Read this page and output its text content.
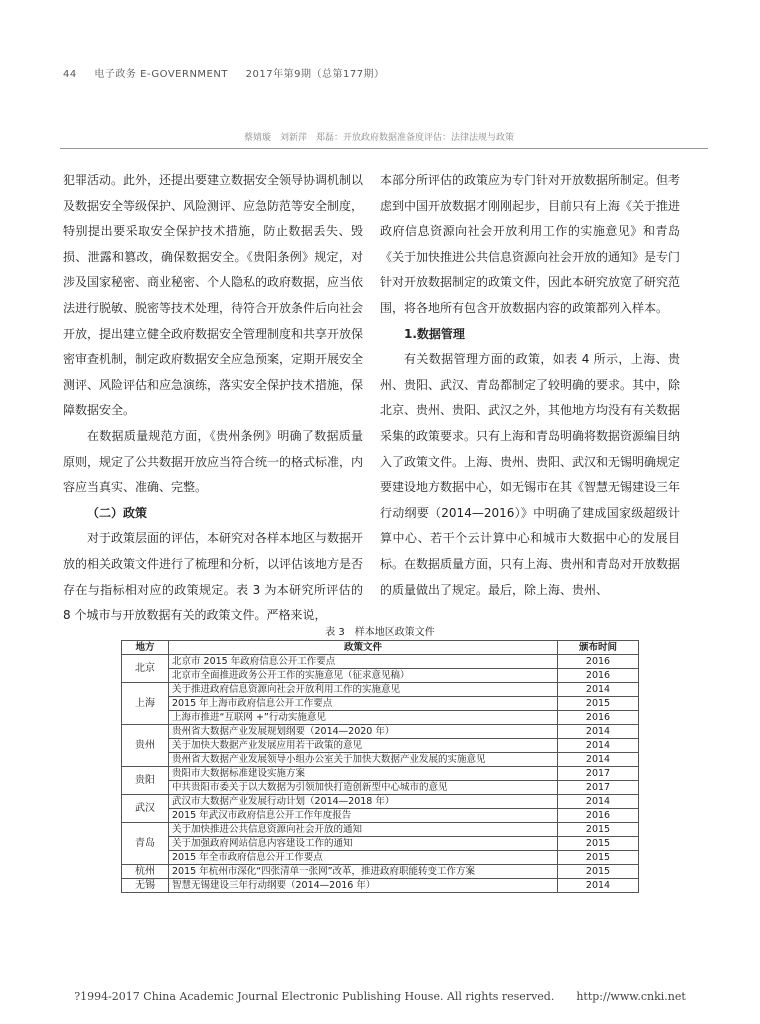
44 电子政务 E-GOVERNMENT 2017年第9期（总第177期）
蔡婧璇　刘新萍　郑磊：开放政府数据准备度评估：法律法规与政策

犯罪活动。此外，还提出要建立数据安全领导协调机制以及数据安全等级保护、风险测评、应急防范等安全制度，特别提出要采取安全保护技术措施，防止数据丢失、毁损、泄露和篡改，确保数据安全。《贵阳条例》规定，对涉及国家秘密、商业秘密、个人隐私的政府数据，应当依法进行脱敏、脱密等技术处理，待符合开放条件后向社会开放，提出建立健全政府数据安全管理制度和共享开放保密审查机制，制定政府数据安全应急预案，定期开展安全测评、风险评估和应急演练，落实安全保护技术措施，保障数据安全。

在数据质量规范方面，《贵州条例》明确了数据质量原则，规定了公共数据开放应当符合统一的格式标准，内容应当真实、准确、完整。

（二）政策

对于政策层面的评估，本研究对各样本地区与数据开放的相关政策文件进行了梳理和分析，以评估该地方是否存在与指标相对应的政策规定。表 3 为本研究所评估的 8 个城市与开放数据有关的政策文件。严格来说，

本部分所评估的政策应为专门针对开放数据所制定。但考虑到中国开放数据才刚刚起步，目前只有上海《关于推进政府信息资源向社会开放利用工作的实施意见》和青岛《关于加快推进公共信息资源向社会开放的通知》是专门针对开放数据制定的政策文件，因此本研究放宽了研究范围，将各地所有包含开放数据内容的政策都列入样本。

1.数据管理

有关数据管理方面的政策，如表 4 所示，上海、贵州、贵阳、武汉、青岛都制定了较明确的要求。其中，除北京、贵州、贵阳、武汉之外，其他地方均没有有关数据采集的政策要求。只有上海和青岛明确将数据资源编目纳入了政策文件。上海、贵州、贵阳、武汉和无锡明确规定要建设地方数据中心，如无锡市在其《智慧无锡建设三年行动纲要（2014—2016）》中明确了建成国家级超级计算中心、若干个云计算中心和城市大数据中心的发展目标。在数据质量方面，只有上海、贵州和青岛对开放数据的质量做出了规定。最后，除上海、贵州、

表 3　样本地区政策文件
地方	政策文件	颁布时间
北京	北京市 2015 年政府信息公开工作要点	2016
	北京市全面推进政务公开工作的实施意见（征求意见稿）	2016
上海	关于推进政府信息资源向社会开放利用工作的实施意见	2014
	2015 年上海市政府信息公开工作要点	2015
	上海市推进“互联网 +”行动实施意见	2016
贵州	贵州省大数据产业发展规划纲要（2014—2020 年）	2014
	关于加快大数据产业发展应用若干政策的意见	2014
	贵州省大数据产业发展领导小组办公室关于加快大数据产业发展的实施意见	2014
贵阳	贵阳市大数据标准建设实施方案	2017
	中共贵阳市委关于以大数据为引领加快打造创新型中心城市的意见	2017
武汉	武汉市大数据产业发展行动计划（2014—2018 年）	2014
	2015 年武汉市政府信息公开工作年度报告	2016
青岛	关于加快推进公共信息资源向社会开放的通知	2015
	关于加强政府网站信息内容建设工作的通知	2015
	2015 年全市政府信息公开工作要点	2015
杭州	2015 年杭州市深化“四张清单一张网”改革，推进政府职能转变工作方案	2015
无锡	智慧无锡建设三年行动纲要（2014—2016 年）	2014
?1994-2017 China Academic Journal Electronic Publishing House. All rights reserved.　　http://www.cnki.net
